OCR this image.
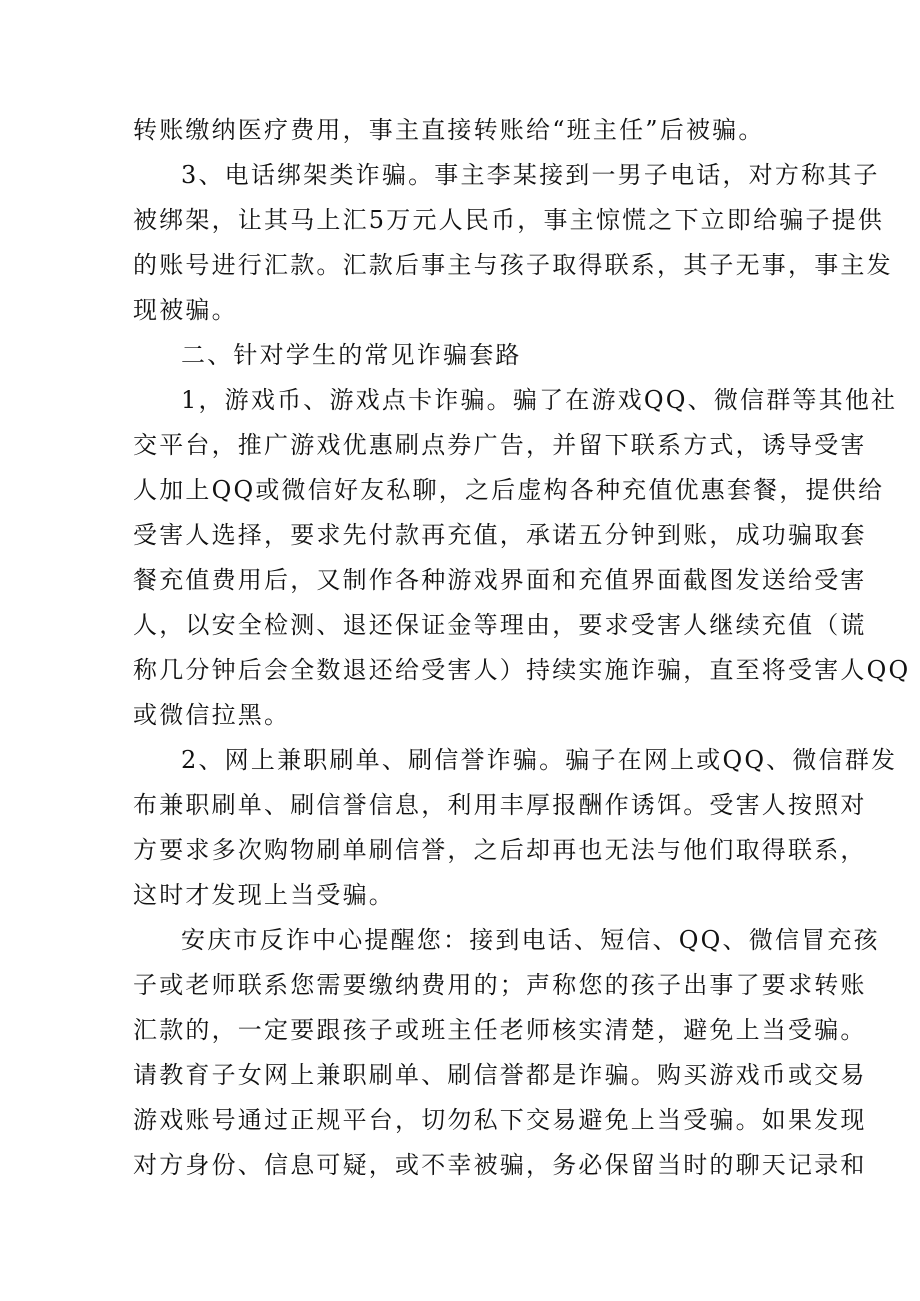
转账缴纳医疗费用，事主直接转账给“班主任”后被骗。
3、电话绑架类诈骗。事主李某接到一男子电话，对方称其子
被绑架，让其马上汇5万元人民币，事主惊慌之下立即给骗子提供
的账号进行汇款。汇款后事主与孩子取得联系，其子无事，事主发
现被骗。
二、针对学生的常见诈骗套路
1，游戏币、游戏点卡诈骗。骗了在游戏QQ、微信群等其他社
交平台，推广游戏优惠刷点券广告，并留下联系方式，诱导受害
人加上QQ或微信好友私聊，之后虚构各种充值优惠套餐，提供给
受害人选择，要求先付款再充值，承诺五分钟到账，成功骗取套
餐充值费用后，又制作各种游戏界面和充值界面截图发送给受害
人，以安全检测、退还保证金等理由，要求受害人继续充值（谎
称几分钟后会全数退还给受害人）持续实施诈骗，直至将受害人QQ
或微信拉黑。
2、网上兼职刷单、刷信誉诈骗。骗子在网上或QQ、微信群发
布兼职刷单、刷信誉信息，利用丰厚报酬作诱饵。受害人按照对
方要求多次购物刷单刷信誉，之后却再也无法与他们取得联系，
这时才发现上当受骗。
安庆市反诈中心提醒您：接到电话、短信、QQ、微信冒充孩
子或老师联系您需要缴纳费用的；声称您的孩子出事了要求转账
汇款的，一定要跟孩子或班主任老师核实清楚，避免上当受骗。
请教育子女网上兼职刷单、刷信誉都是诈骗。购买游戏币或交易
游戏账号通过正规平台，切勿私下交易避免上当受骗。如果发现
对方身份、信息可疑，或不幸被骗，务必保留当时的聊天记录和
